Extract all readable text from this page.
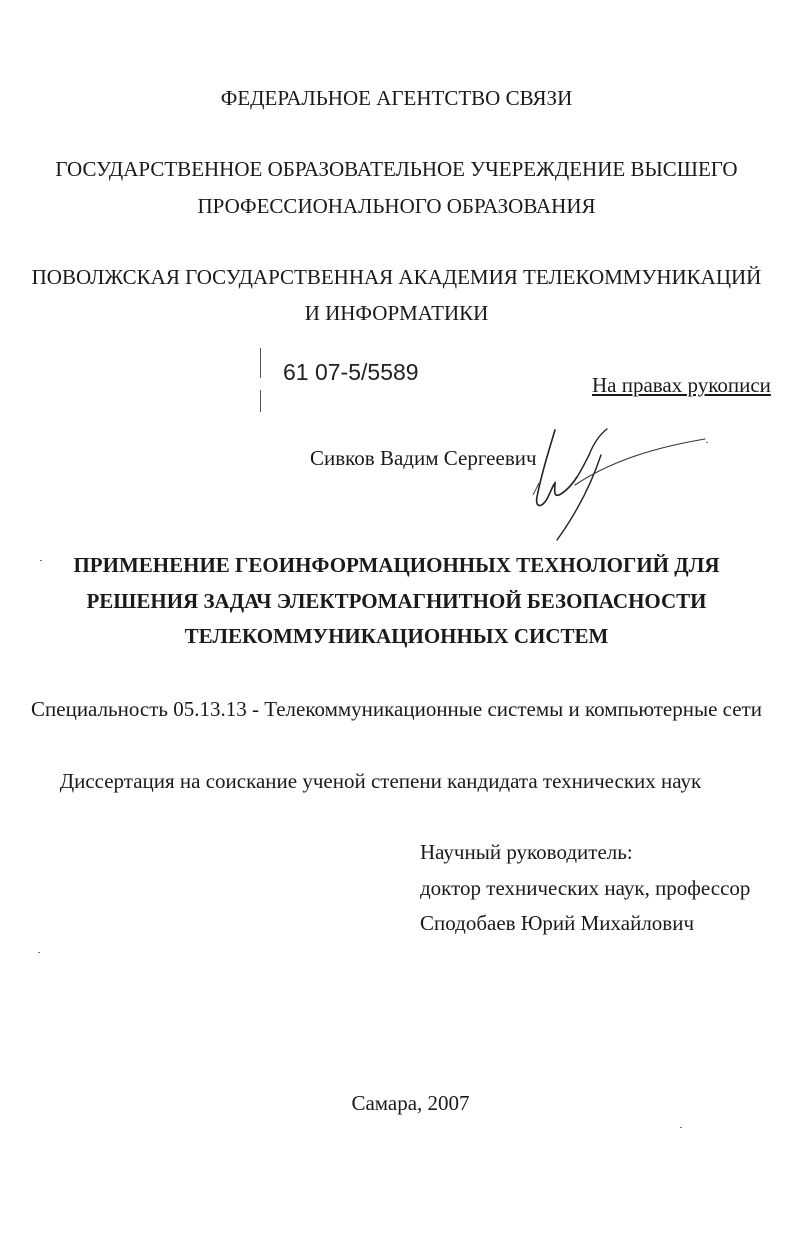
ФЕДЕРАЛЬНОЕ АГЕНТСТВО СВЯЗИ
ГОСУДАРСТВЕННОЕ ОБРАЗОВАТЕЛЬНОЕ УЧЕРЕЖДЕНИЕ ВЫСШЕГО
ПРОФЕССИОНАЛЬНОГО ОБРАЗОВАНИЯ
ПОВОЛЖСКАЯ ГОСУДАРСТВЕННАЯ АКАДЕМИЯ ТЕЛЕКОММУНИКАЦИЙ
И ИНФОРМАТИКИ
61 07-5/5589	На правах рукописи
Сивков Вадим Сергеевич
ПРИМЕНЕНИЕ ГЕОИНФОРМАЦИОННЫХ ТЕХНОЛОГИЙ ДЛЯ
РЕШЕНИЯ ЗАДАЧ ЭЛЕКТРОМАГНИТНОЙ БЕЗОПАСНОСТИ
ТЕЛЕКОММУНИКАЦИОННЫХ СИСТЕМ
Специальность 05.13.13 - Телекоммуникационные системы и компьютерные сети
Диссертация на соискание ученой степени кандидата технических наук
Научный руководитель:
доктор технических наук, профессор
Сподобаев Юрий Михайлович
Самара, 2007
